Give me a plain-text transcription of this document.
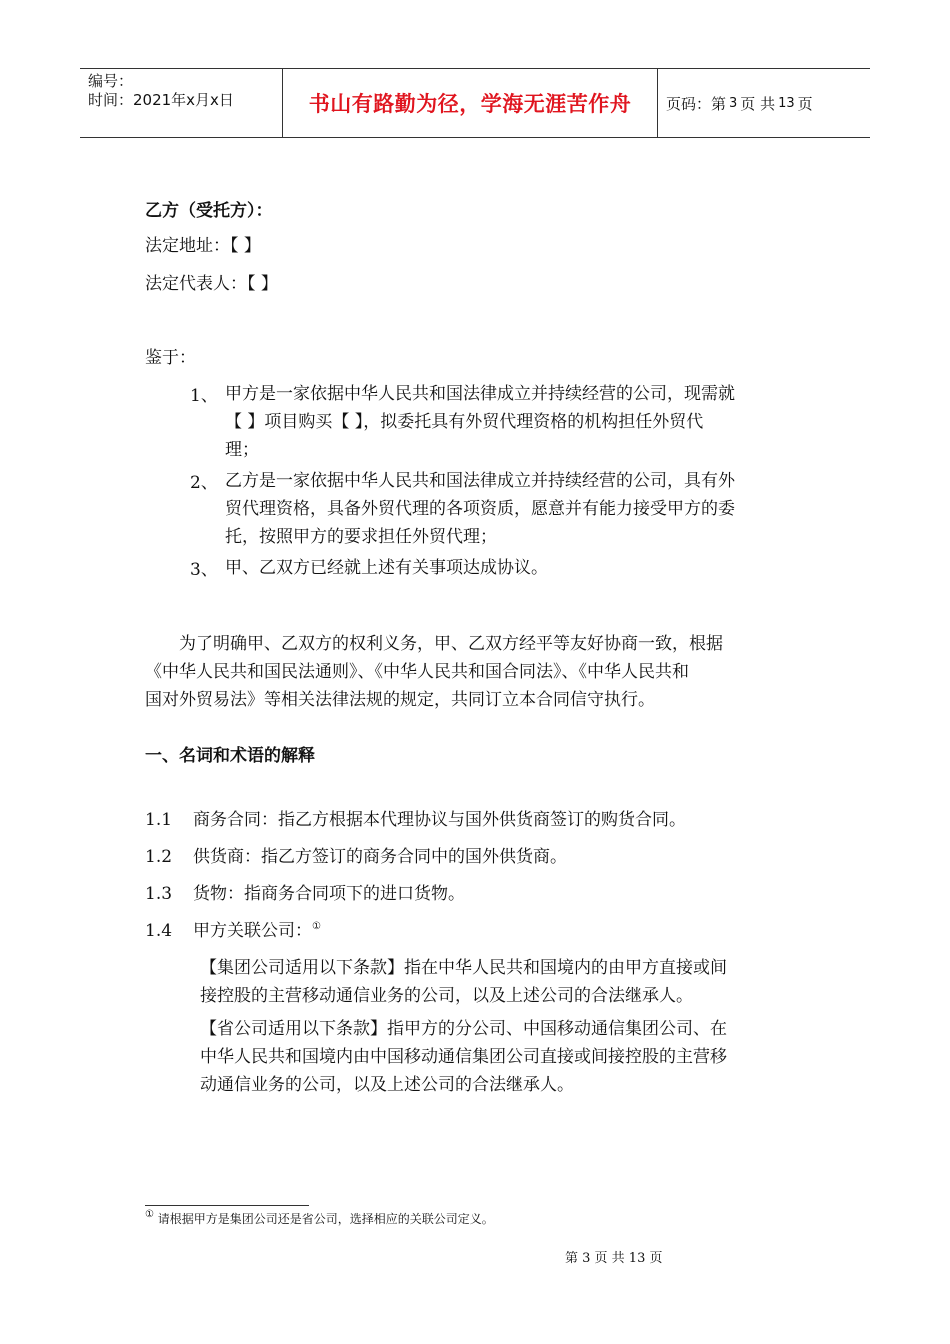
编号：
时间：2021年x月x日	书山有路勤为径，学海无涯苦作舟 页码：第 3 页 共 13 页
乙方（受托方）：
法定地址：【 】
法定代表人：【 】
鉴于：
1、 甲方是一家依据中华人民共和国法律成立并持续经营的公司，现需就
【 】项目购买【 】，拟委托具有外贸代理资格的机构担任外贸代
理；
2、 乙方是一家依据中华人民共和国法律成立并持续经营的公司，具有外
贸代理资格，具备外贸代理的各项资质，愿意并有能力接受甲方的委
托，按照甲方的要求担任外贸代理；
3、 甲、乙双方已经就上述有关事项达成协议。
为了明确甲、乙双方的权利义务，甲、乙双方经平等友好协商一致，根据
《中华人民共和国民法通则》、《中华人民共和国合同法》、《中华人民共和
国对外贸易法》等相关法律法规的规定，共同订立本合同信守执行。
一、名词和术语的解释
1.1 商务合同：指乙方根据本代理协议与国外供货商签订的购货合同。
1.2 供货商：指乙方签订的商务合同中的国外供货商。
1.3 货物：指商务合同项下的进口货物。
1.4 甲方关联公司：①
【集团公司适用以下条款】指在中华人民共和国境内的由甲方直接或间
接控股的主营移动通信业务的公司，以及上述公司的合法继承人。
【省公司适用以下条款】指甲方的分公司、中国移动通信集团公司、在
中华人民共和国境内由中国移动通信集团公司直接或间接控股的主营移
动通信业务的公司，以及上述公司的合法继承人。
① 请根据甲方是集团公司还是省公司，选择相应的关联公司定义。
第 3 页 共 13 页
